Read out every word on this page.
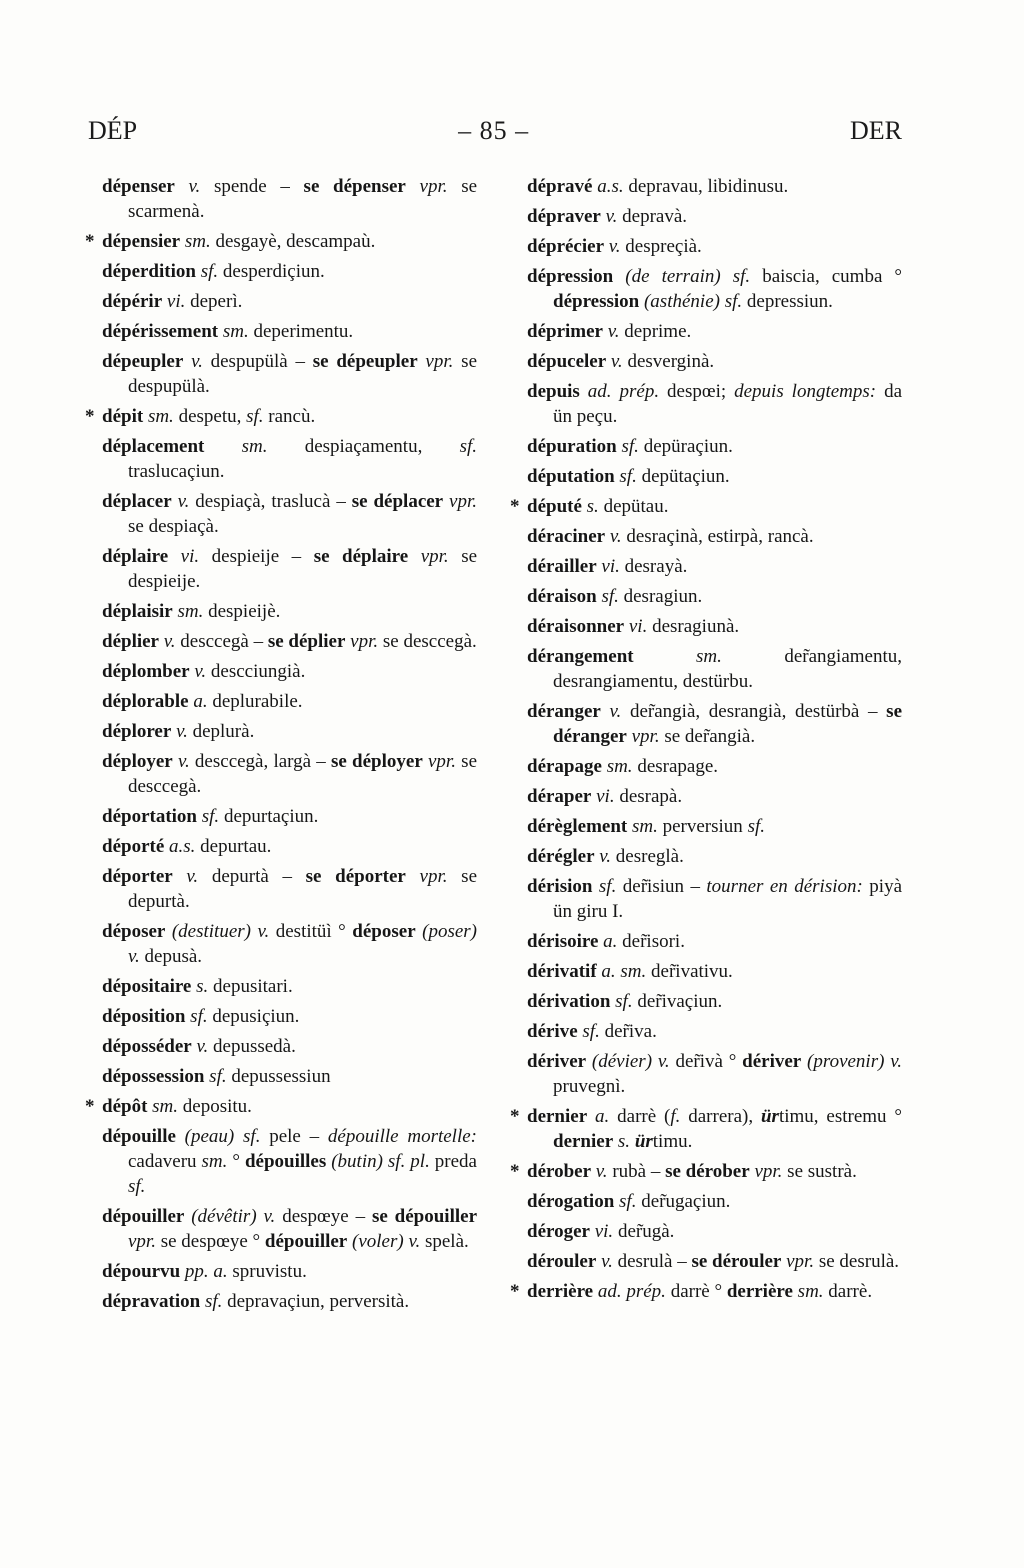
DÉP	– 85 –	DER
dépenser v. spende – se dépenser vpr. se scarmenà.
* dépensier sm. desgayè, descampaù.
déperdition sf. desperdiçiun.
dépérir vi. deperì.
dépérissement sm. deperimentu.
dépeupler v. despupülà – se dépeupler vpr. se despupülà.
* dépit sm. despetu, sf. rancù.
déplacement sm. despiaçamentu, sf. traslucaçiun.
déplacer v. despiaçà, traslucà – se déplacer vpr. se despiaçà.
déplaire vi. despieije – se déplaire vpr. se despieije.
déplaisir sm. despieijè.
déplier v. desccegà – se déplier vpr. se desccegà.
déplomber v. descciungià.
déplorable a. deplurabile.
déplorer v. deplurà.
déployer v. desccegà, largà – se déployer vpr. se desccegà.
déportation sf. depurtaçiun.
déporté a.s. depurtau.
déporter v. depurtà – se déporter vpr. se depurtà.
déposer (destituer) v. destitüì ° déposer (poser) v. depusà.
dépositaire s. depusitari.
déposition sf. depusiçiun.
déposséder v. depussedà.
dépossession sf. depussessiun
* dépôt sm. depositu.
dépouille (peau) sf. pele – dépouille mortelle: cadaveru sm. ° dépouilles (butin) sf. pl. preda sf.
dépouiller (dévêtir) v. despœye – se dépouiller vpr. se despœye ° dépouiller (voler) v. spelà.
dépourvu pp. a. spruvistu.
dépravation sf. depravaçiun, perversità.
dépravé a.s. depravau, libidinusu.
dépraver v. depravà.
déprécier v. despreçià.
dépression (de terrain) sf. baiscia, cumba ° dépression (asthénie) sf. depressiun.
déprimer v. deprime.
dépuceler v. desverginà.
depuis ad. prép. despœi; depuis longtemps: da ün peçu.
dépuration sf. depüraçiun.
députation sf. depütaçiun.
* député s. depütau.
déraciner v. desraçinà, estirpà, rancà.
dérailler vi. desrayà.
déraison sf. desragiun.
déraisonner vi. desragiunà.
dérangement	sm. der̃angiamentu, desrangiamentu, destürbu.
déranger v. der̃angià, desrangià, destürbà – se déranger vpr. se der̃angià.
dérapage sm. desrapage.
déraper vi. desrapà.
dérèglement sm. perversiun sf.
dérégler v. desreglà.
dérision sf. der̃isiun – tourner en dérision: piyà ün giru I.
dérisoire a. der̃isori.
dérivatif a. sm. der̃ivativu.
dérivation sf. der̃ivaçiun.
dérive sf. der̃iva.
dériver (dévier) v. der̃ivà ° dériver (provenir) v. pruvegnì.
* dernier a. darrè (f. darrera), ürtimu, estremu ° dernier s. ürtimu.
* dérober v. rubà – se dérober vpr. se sustrà.
dérogation sf. der̃ugaçiun.
déroger vi. der̃ugà.
dérouler v. desrulà – se dérouler vpr. se desrulà.
* derrière ad. prép. darrè ° derrière sm. darrè.
